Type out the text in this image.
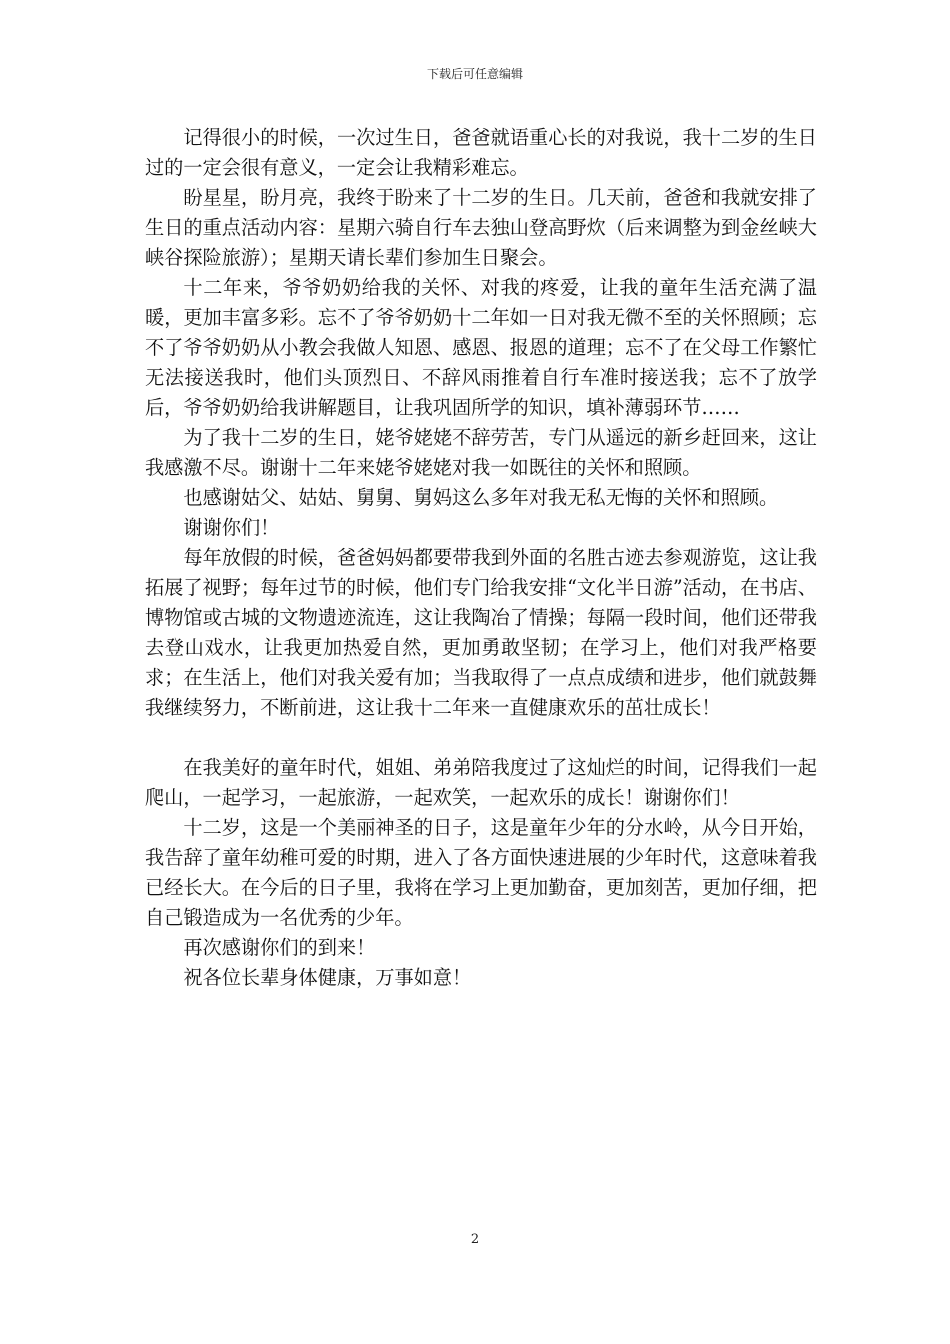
下载后可任意编辑

记得很小的时候，一次过生日，爸爸就语重心长的对我说，我十二岁的生日过的一定会很有意义，一定会让我精彩难忘。

盼星星，盼月亮，我终于盼来了十二岁的生日。几天前，爸爸和我就安排了生日的重点活动内容：星期六骑自行车去独山登高野炊（后来调整为到金丝峡大峡谷探险旅游）；星期天请长辈们参加生日聚会。

十二年来，爷爷奶奶给我的关怀、对我的疼爱，让我的童年生活充满了温暖，更加丰富多彩。忘不了爷爷奶奶十二年如一日对我无微不至的关怀照顾；忘不了爷爷奶奶从小教会我做人知恩、感恩、报恩的道理；忘不了在父母工作繁忙无法接送我时，他们头顶烈日、不辞风雨推着自行车准时接送我；忘不了放学后，爷爷奶奶给我讲解题目，让我巩固所学的知识，填补薄弱环节……

为了我十二岁的生日，姥爷姥姥不辞劳苦，专门从遥远的新乡赶回来，这让我感激不尽。谢谢十二年来姥爷姥姥对我一如既往的关怀和照顾。

也感谢姑父、姑姑、舅舅、舅妈这么多年对我无私无悔的关怀和照顾。

谢谢你们！

每年放假的时候，爸爸妈妈都要带我到外面的名胜古迹去参观游览，这让我拓展了视野；每年过节的时候，他们专门给我安排“文化半日游”活动，在书店、博物馆或古城的文物遗迹流连，这让我陶冶了情操；每隔一段时间，他们还带我去登山戏水，让我更加热爱自然，更加勇敢坚韧；在学习上，他们对我严格要求；在生活上，他们对我关爱有加；当我取得了一点点成绩和进步，他们就鼓舞我继续努力，不断前进，这让我十二年来一直健康欢乐的茁壮成长！

在我美好的童年时代，姐姐、弟弟陪我度过了这灿烂的时间，记得我们一起爬山，一起学习，一起旅游，一起欢笑，一起欢乐的成长！谢谢你们！

十二岁，这是一个美丽神圣的日子，这是童年少年的分水岭，从今日开始，我告辞了童年幼稚可爱的时期，进入了各方面快速进展的少年时代，这意味着我已经长大。在今后的日子里，我将在学习上更加勤奋，更加刻苦，更加仔细，把自己锻造成为一名优秀的少年。

再次感谢你们的到来！

祝各位长辈身体健康，万事如意！

2
